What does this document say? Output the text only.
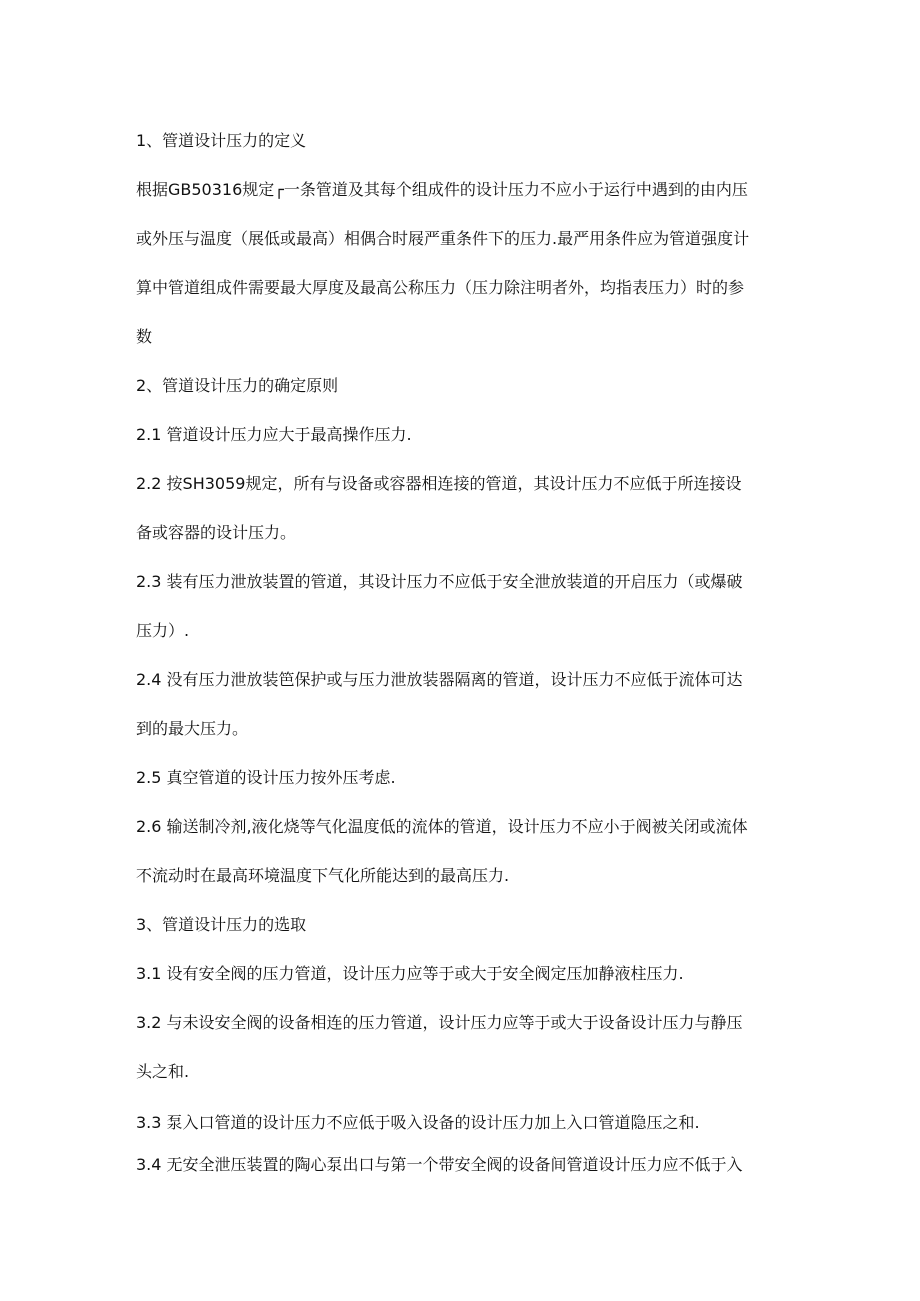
1、管道设计压力的定义
根据GB50316规定┌一条管道及其每个组成件的设计压力不应小于运行中遇到的由内压
或外压与温度（展低或最高）相偶合时屐严重条件下的压力.最严用条件应为管道强度计
算中管道组成件需要最大厚度及最高公称压力（压力除注明者外，均指表压力）时的参
数
2、管道设计压力的确定原则
2.1 管道设计压力应大于最高操作压力.
2.2 按SH3059规定，所有与设备或容器相连接的管道，其设计压力不应低于所连接设
备或容器的设计压力。
2.3 装有压力泄放装置的管道，其设计压力不应低于安全泄放装道的开启压力（或爆破
压力）.
2.4 没有压力泄放装笆保护或与压力泄放装器隔离的管道，设计压力不应低于流体可达
到的最大压力。
2.5 真空管道的设计压力按外压考虑.
2.6 输送制冷剂,液化烧等气化温度低的流体的管道，设计压力不应小于阀被关闭或流体
不流动时在最高环境温度下气化所能达到的最高压力.
3、管道设计压力的选取
3.1 设有安全阀的压力管道，设计压力应等于或大于安全阀定压加静液柱压力.
3.2 与未设安全阀的设备相连的压力管道，设计压力应等于或大于设备设计压力与静压
头之和.
3.3 泵入口管道的设计压力不应低于吸入设备的设计压力加上入口管道隐压之和.
3.4 无安全泄压装置的陶心泵出口与第一个带安全阀的设备间管道设计压力应不低于入
